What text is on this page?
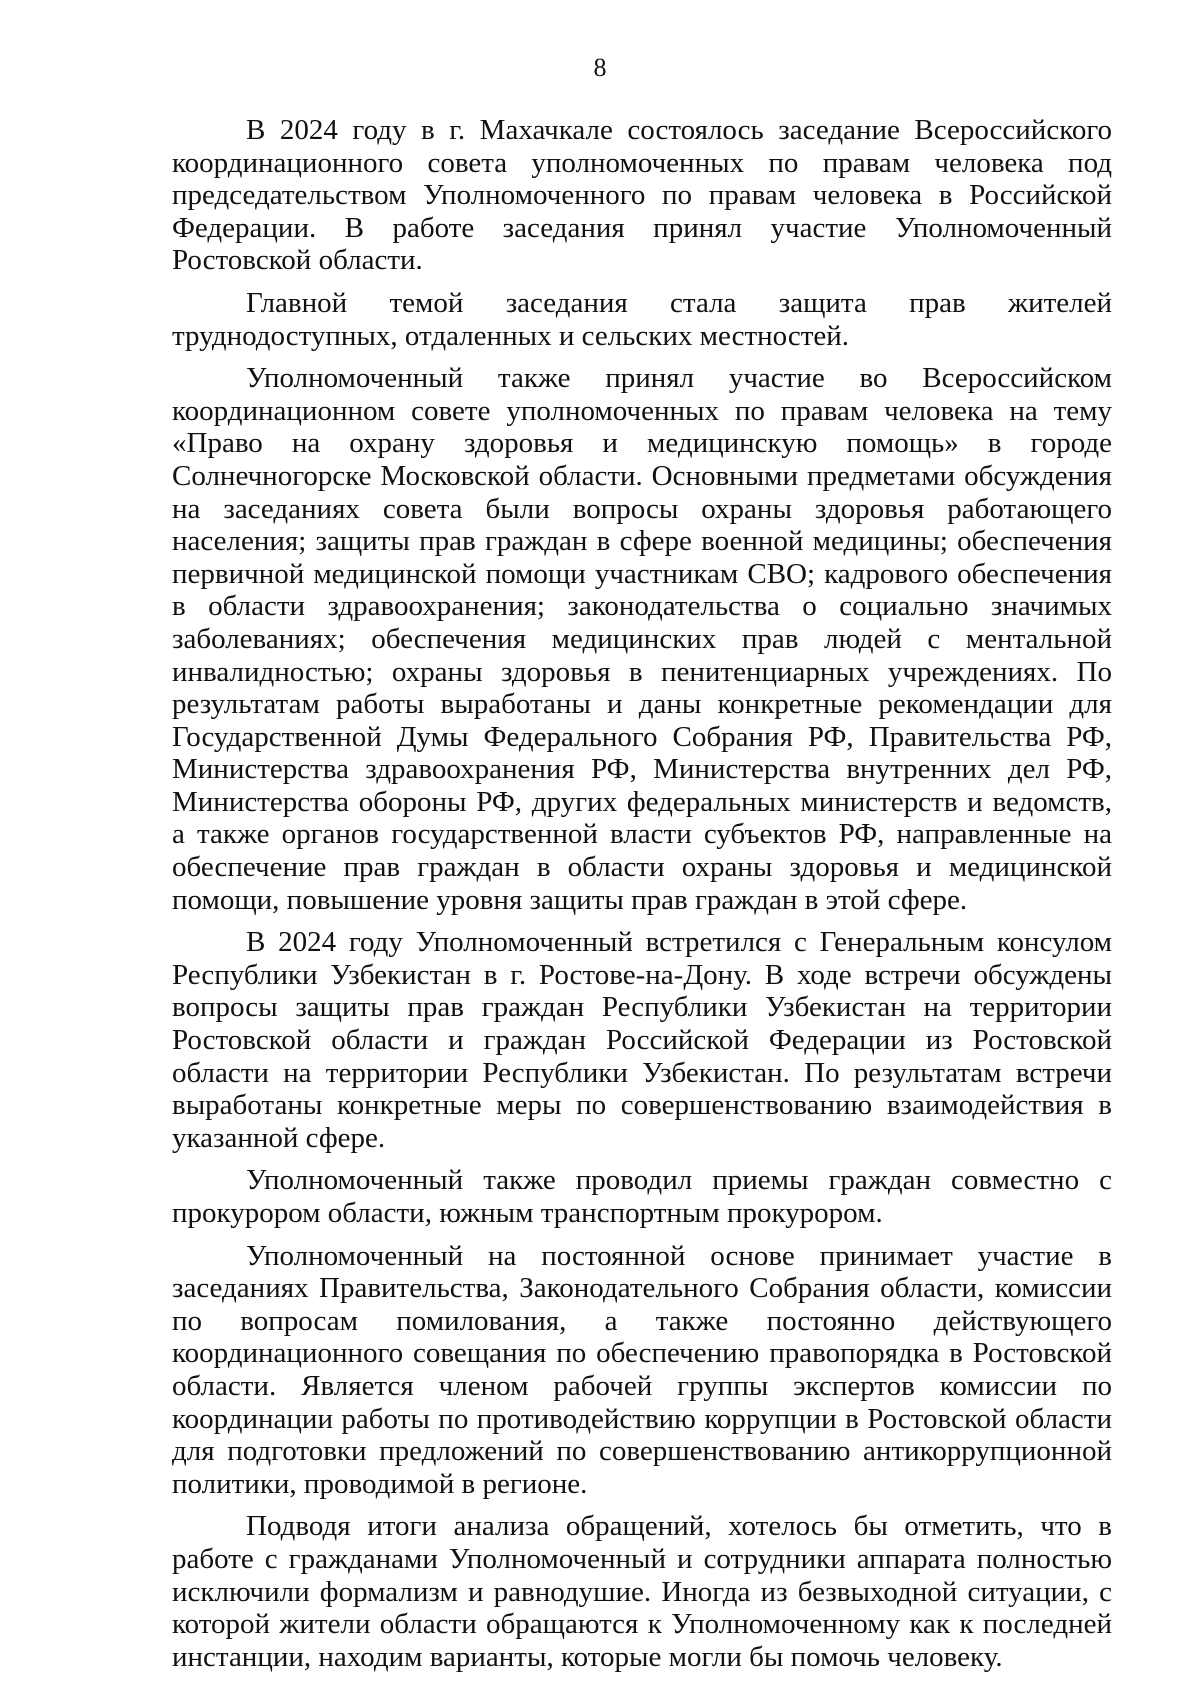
8

В 2024 году в г. Махачкале состоялось заседание Всероссийского координационного совета уполномоченных по правам человека под председательством Уполномоченного по правам человека в Российской Федерации. В работе заседания принял участие Уполномоченный Ростовской области.

Главной темой заседания стала защита прав жителей труднодоступных, отдаленных и сельских местностей.

Уполномоченный также принял участие во Всероссийском координационном совете уполномоченных по правам человека на тему «Право на охрану здоровья и медицинскую помощь» в городе Солнечногорске Московской области. Основными предметами обсуждения на заседаниях совета были вопросы охраны здоровья работающего населения; защиты прав граждан в сфере военной медицины; обеспечения первичной медицинской помощи участникам СВО; кадрового обеспечения в области здравоохранения; законодательства о социально значимых заболеваниях; обеспечения медицинских прав людей с ментальной инвалидностью; охраны здоровья в пенитенциарных учреждениях. По результатам работы выработаны и даны конкретные рекомендации для Государственной Думы Федерального Собрания РФ, Правительства РФ, Министерства здравоохранения РФ, Министерства внутренних дел РФ, Министерства обороны РФ, других федеральных министерств и ведомств, а также органов государственной власти субъектов РФ, направленные на обеспечение прав граждан в области охраны здоровья и медицинской помощи, повышение уровня защиты прав граждан в этой сфере.

В 2024 году Уполномоченный встретился с Генеральным консулом Республики Узбекистан в г. Ростове-на-Дону. В ходе встречи обсуждены вопросы защиты прав граждан Республики Узбекистан на территории Ростовской области и граждан Российской Федерации из Ростовской области на территории Республики Узбекистан. По результатам встречи выработаны конкретные меры по совершенствованию взаимодействия в указанной сфере.

Уполномоченный также проводил приемы граждан совместно с прокурором области, южным транспортным прокурором.

Уполномоченный на постоянной основе принимает участие в заседаниях Правительства, Законодательного Собрания области, комиссии по вопросам помилования, а также постоянно действующего координационного совещания по обеспечению правопорядка в Ростовской области. Является членом рабочей группы экспертов комиссии по координации работы по противодействию коррупции в Ростовской области для подготовки предложений по совершенствованию антикоррупционной политики, проводимой в регионе.

Подводя итоги анализа обращений, хотелось бы отметить, что в работе с гражданами Уполномоченный и сотрудники аппарата полностью исключили формализм и равнодушие. Иногда из безвыходной ситуации, с которой жители области обращаются к Уполномоченному как к последней инстанции, находим варианты, которые могли бы помочь человеку.
